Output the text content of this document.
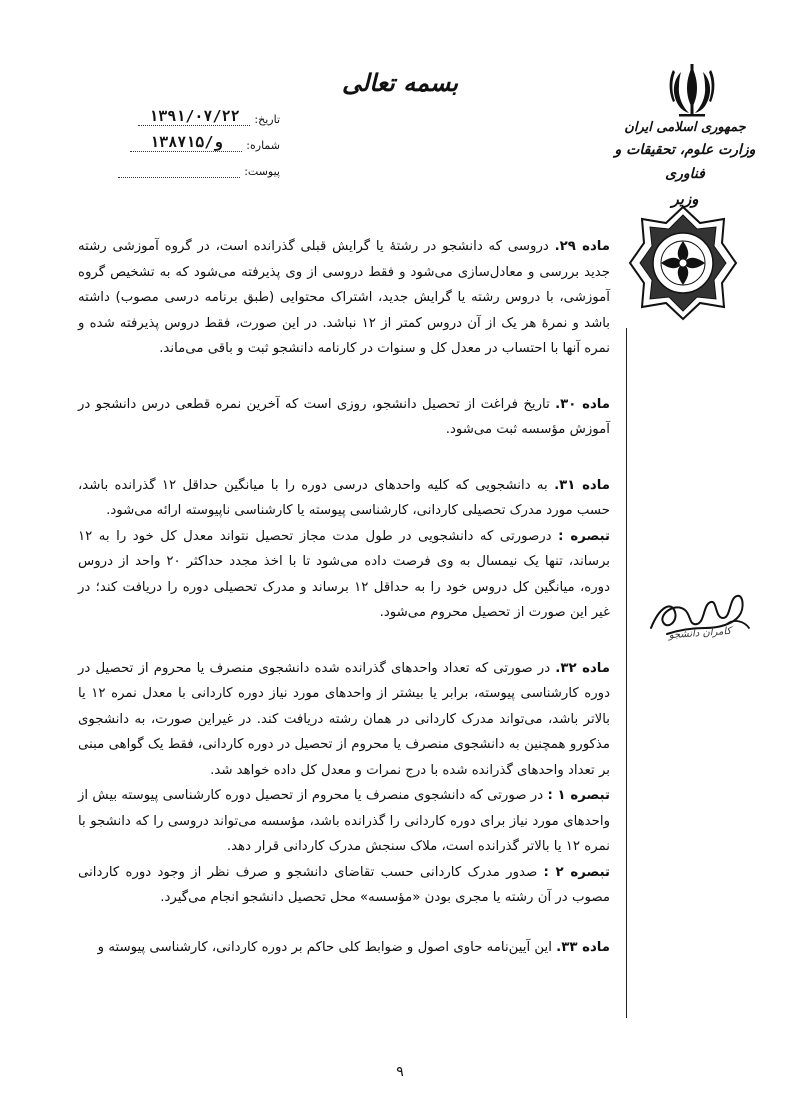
بسمه تعالی
تاریخ:
۱۳۹۱/۰۷/۲۲
شماره:
۱۳۸۷۱۵/و
پیوست:
جمهوری اسلامی ایران
وزارت علوم، تحقیقات و فناوری
وزیر
کامران دانشجو

ماده ۲۹. دروسی که دانشجو در رشتهٔ یا گرایش قبلی گذرانده است، در گروه آموزشی رشته جدید بررسی و معادل‌سازی می‌شود و فقط دروسی از وی پذیرفته می‌شود که به تشخیص گروه آموزشی، با دروس رشته یا گرایش جدید، اشتراک محتوایی (طبق برنامه درسی مصوب) داشته باشد و نمرهٔ هر یک از آن دروس کمتر از ۱۲ نباشد. در این صورت، فقط دروس پذیرفته شده و نمره آنها با احتساب در معدل کل و سنوات در کارنامه دانشجو ثبت و باقی می‌ماند.

ماده ۳۰. تاریخ فراغت از تحصیل دانشجو، روزی است که آخرین نمره قطعی درس دانشجو در آموزش مؤسسه ثبت می‌شود.

ماده ۳۱. به دانشجویی که کلیه واحدهای درسی دوره را با میانگین حداقل ۱۲ گذرانده باشد، حسب مورد مدرک تحصیلی کاردانی، کارشناسی پیوسته یا کارشناسی ناپیوسته ارائه می‌شود.

تبصره : درصورتی که دانشجویی در طول مدت مجاز تحصیل نتواند معدل کل خود را به ۱۲ برساند، تنها یک نیمسال به وی فرصت داده می‌شود تا با اخذ مجدد حداکثر ۲۰ واحد از دروس دوره، میانگین کل دروس خود را به حداقل ۱۲ برساند و مدرک تحصیلی دوره را دریافت کند؛ در غیر این صورت از تحصیل محروم می‌شود.

ماده ۳۲. در صورتی که تعداد واحدهای گذرانده شده دانشجوی منصرف یا محروم از تحصیل در دوره کارشناسی پیوسته، برابر یا بیشتر از واحدهای مورد نیاز دوره کاردانی با معدل نمره ۱۲ یا بالاتر باشد، می‌تواند مدرک کاردانی در همان رشته دریافت کند. در غیراین صورت، به دانشجوی مذکورو همچنین به دانشجوی منصرف یا محروم از تحصیل در دوره کاردانی، فقط یک گواهی مبنی بر تعداد واحدهای گذرانده شده با درج نمرات و معدل کل داده خواهد شد.

تبصره ۱ : در صورتی که دانشجوی منصرف یا محروم از تحصیل دوره کارشناسی پیوسته بیش از واحدهای مورد نیاز برای دوره کاردانی را گذرانده باشد، مؤسسه می‌تواند دروسی را که دانشجو با نمره ۱۲ یا بالاتر گذرانده است، ملاک سنجش مدرک کاردانی قرار دهد.

تبصره ۲ : صدور مدرک کاردانی حسب تقاضای دانشجو و صرف نظر از وجود دوره کاردانی مصوب در آن رشته یا مجری بودن «مؤسسه» محل تحصیل دانشجو انجام می‌گیرد.

ماده ۳۳. این آیین‌نامه حاوی اصول و ضوابط کلی حاکم بر دوره کاردانی، کارشناسی پیوسته و

۹
